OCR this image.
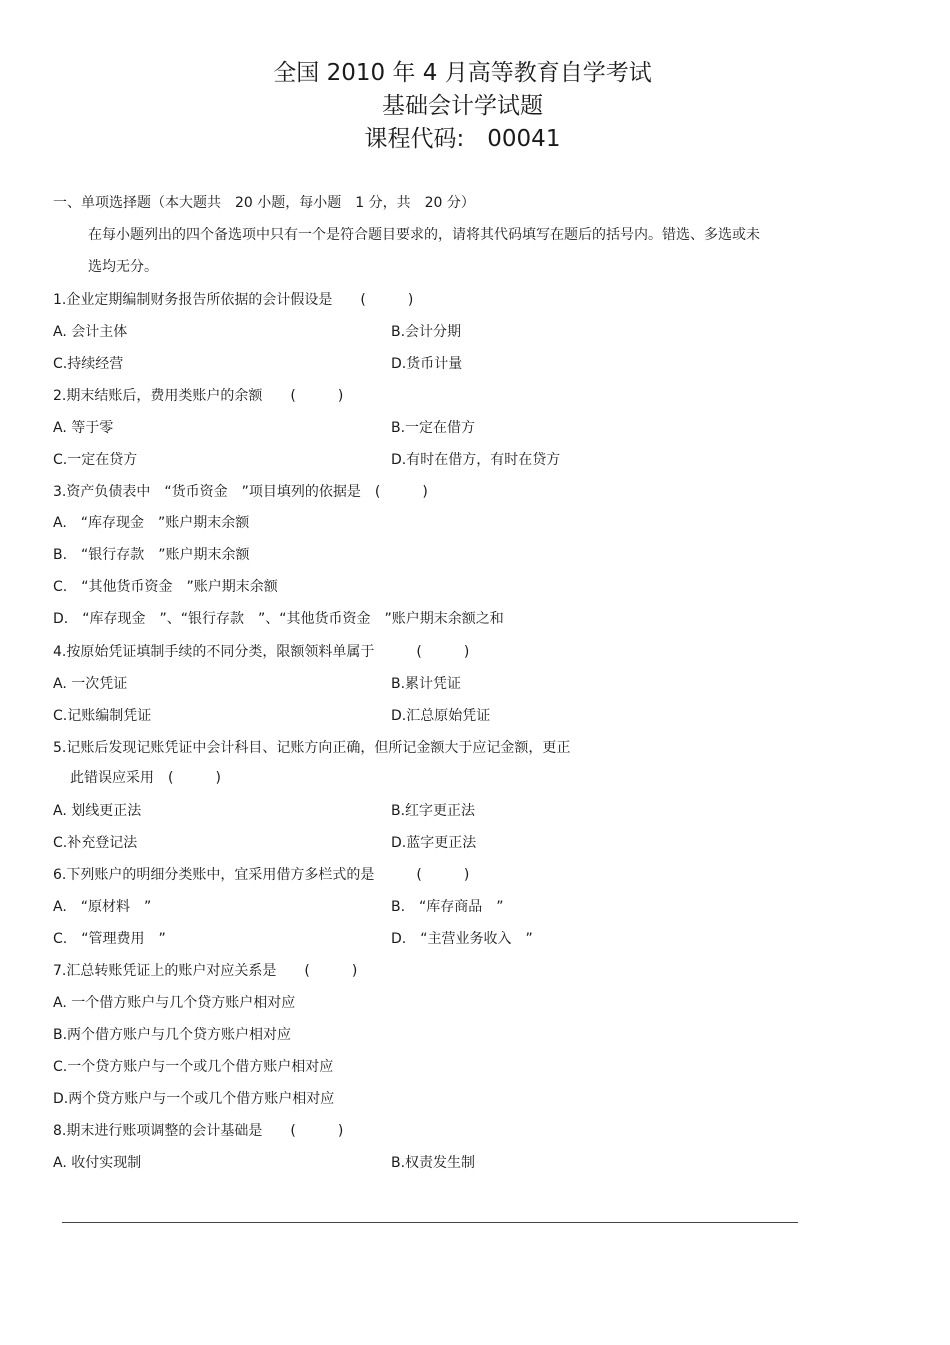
全国 2010 年 4 月高等教育自学考试
基础会计学试题
课程代码:　00041
一、单项选择题（本大题共　20 小题，每小题　1 分，共　20 分）
在每小题列出的四个备选项中只有一个是符合题目要求的，请将其代码填写在题后的括号内。错选、多选或未
选均无分。
1.企业定期编制财务报告所依据的会计假设是　　(　　　)
A. 会计主体	B.会计分期
C.持续经营	D.货币计量
2.期末结账后，费用类账户的余额　　(　　　)
A. 等于零	B.一定在借方
C.一定在贷方	D.有时在借方，有时在贷方
3.资产负债表中　“货币资金　”项目填列的依据是　(　　　)
A.　“库存现金　”账户期末余额
B.　“银行存款　”账户期末余额
C.　“其他货币资金　”账户期末余额
D.　“库存现金　”、“银行存款　”、“其他货币资金　”账户期末余额之和
4.按原始凭证填制手续的不同分类，限额领料单属于　　　(　　　)
A. 一次凭证	B.累计凭证
C.记账编制凭证	D.汇总原始凭证
5.记账后发现记账凭证中会计科目、记账方向正确，但所记金额大于应记金额，更正
此错误应采用　(　　　)
A. 划线更正法	B.红字更正法
C.补充登记法	D.蓝字更正法
6.下列账户的明细分类账中，宜采用借方多栏式的是　　　(　　　)
A.　“原材料　”	B.　“库存商品　”
C.　“管理费用　”	D.　“主营业务收入　”
7.汇总转账凭证上的账户对应关系是　　(　　　)
A. 一个借方账户与几个贷方账户相对应
B.两个借方账户与几个贷方账户相对应
C.一个贷方账户与一个或几个借方账户相对应
D.两个贷方账户与一个或几个借方账户相对应
8.期末进行账项调整的会计基础是　　(　　　)
A. 收付实现制	B.权责发生制
